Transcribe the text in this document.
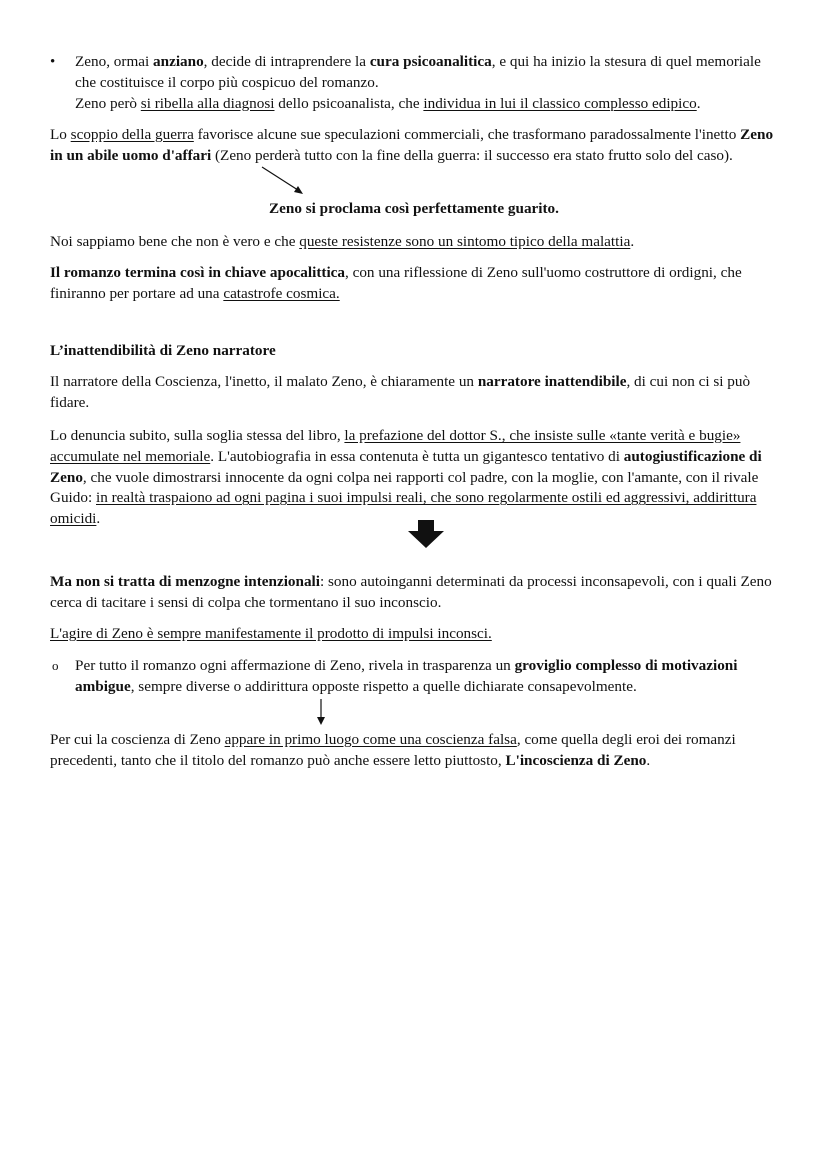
• Zeno, ormai anziano, decide di intraprendere la cura psicoanalitica, e qui ha inizio la stesura di quel memoriale che costituisce il corpo più cospicuo del romanzo.
Zeno però si ribella alla diagnosi dello psicoanalista, che individua in lui il classico complesso edipico.

Lo scoppio della guerra favorisce alcune sue speculazioni commerciali, che trasformano paradossalmente l'inetto Zeno in un abile uomo d'affari (Zeno perderà tutto con la fine della guerra: il successo era stato frutto solo del caso).

Zeno si proclama così perfettamente guarito.

Noi sappiamo bene che non è vero e che queste resistenze sono un sintomo tipico della malattia.

Il romanzo termina così in chiave apocalittica, con una riflessione di Zeno sull'uomo costruttore di ordigni, che finiranno per portare ad una catastrofe cosmica.

L’inattendibilità di Zeno narratore

Il narratore della Coscienza, l'inetto, il malato Zeno, è chiaramente un narratore inattendibile, di cui non ci si può fidare.

Lo denuncia subito, sulla soglia stessa del libro, la prefazione del dottor S., che insiste sulle «tante verità e bugie» accumulate nel memoriale. L'autobiografia in essa contenuta è tutta un gigantesco tentativo di autogiustificazione di Zeno, che vuole dimostrarsi innocente da ogni colpa nei rapporti col padre, con la moglie, con l'amante, con il rivale Guido: in realtà traspaiono ad ogni pagina i suoi impulsi reali, che sono regolarmente ostili ed aggressivi, addirittura omicidi.

Ma non si tratta di menzogne intenzionali: sono autoinganni determinati da processi inconsapevoli, con i quali Zeno cerca di tacitare i sensi di colpa che tormentano il suo inconscio.

L'agire di Zeno è sempre manifestamente il prodotto di impulsi inconsci.

o Per tutto il romanzo ogni affermazione di Zeno, rivela in trasparenza un groviglio complesso di motivazioni ambigue, sempre diverse o addirittura opposte rispetto a quelle dichiarate consapevolmente.

Per cui la coscienza di Zeno appare in primo luogo come una coscienza falsa, come quella degli eroi dei romanzi precedenti, tanto che il titolo del romanzo può anche essere letto piuttosto, L'incoscienza di Zeno.
